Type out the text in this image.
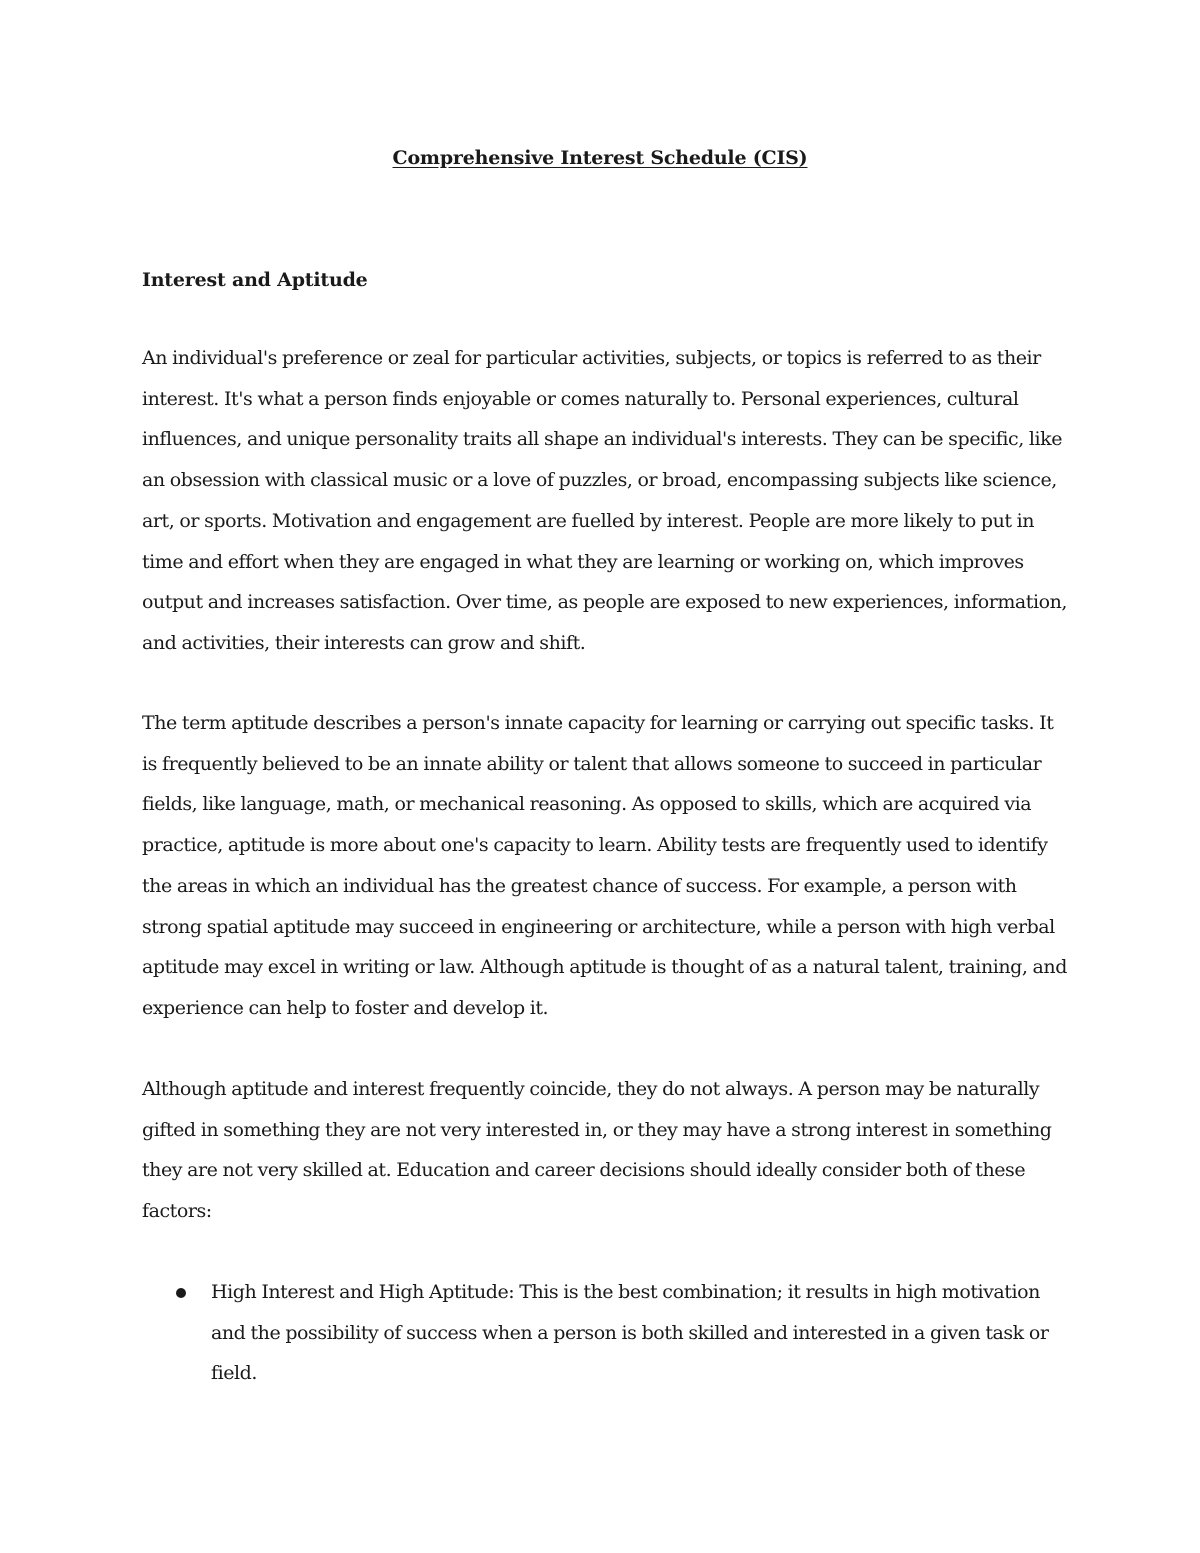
Comprehensive Interest Schedule (CIS)
Interest and Aptitude

An individual's preference or zeal for particular activities, subjects, or topics is referred to as their interest. It's what a person finds enjoyable or comes naturally to. Personal experiences, cultural influences, and unique personality traits all shape an individual's interests. They can be specific, like an obsession with classical music or a love of puzzles, or broad, encompassing subjects like science, art, or sports. Motivation and engagement are fuelled by interest. People are more likely to put in time and effort when they are engaged in what they are learning or working on, which improves output and increases satisfaction. Over time, as people are exposed to new experiences, information, and activities, their interests can grow and shift.

The term aptitude describes a person's innate capacity for learning or carrying out specific tasks. It is frequently believed to be an innate ability or talent that allows someone to succeed in particular fields, like language, math, or mechanical reasoning. As opposed to skills, which are acquired via practice, aptitude is more about one's capacity to learn. Ability tests are frequently used to identify the areas in which an individual has the greatest chance of success. For example, a person with strong spatial aptitude may succeed in engineering or architecture, while a person with high verbal aptitude may excel in writing or law. Although aptitude is thought of as a natural talent, training, and experience can help to foster and develop it.

Although aptitude and interest frequently coincide, they do not always. A person may be naturally gifted in something they are not very interested in, or they may have a strong interest in something they are not very skilled at. Education and career decisions should ideally consider both of these factors:

High Interest and High Aptitude: This is the best combination; it results in high motivation and the possibility of success when a person is both skilled and interested in a given task or field.
